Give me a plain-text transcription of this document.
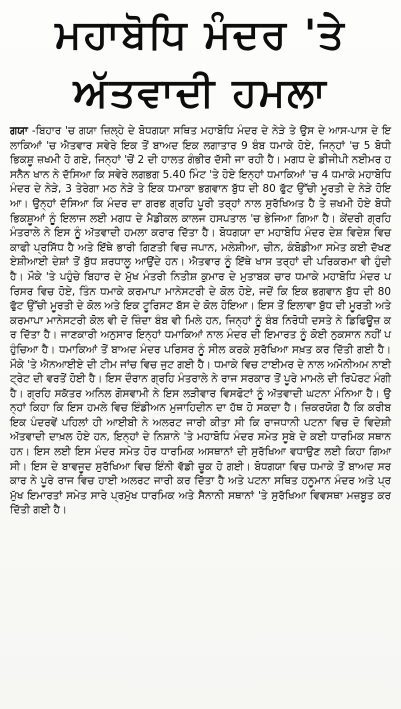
ਮਹਾਬੋਧਿ ਮੰਦਰ 'ਤੇ
ਅੱਤਵਾਦੀ ਹਮਲਾ

ਗਯਾ -ਬਿਹਾਰ 'ਚ ਗਯਾ ਜ਼ਿਲ੍ਹੇ ਦੇ ਬੋਧਗਯਾ ਸਥਿਤ ਮਹਾਬੋਧਿ ਮੰਦਰ ਦੇ ਨੇੜੇ ਤੇ ਉਸ ਦੇ ਆਸ-ਪਾਸ ਦੇ ਇਲਾਕਿਆਂ 'ਚ ਐਤਵਾਰ ਸਵੇਰੇ ਇਕ ਤੋਂ ਬਾਅਦ ਇਕ ਲਗਾਤਾਰ 9 ਬੰਬ ਧਮਾਕੇ ਹੋਏ, ਜਿਨ੍ਹਾਂ 'ਚ 5 ਬੋਧੀ ਭਿਕਸ਼ੂ ਜ਼ਖਮੀ ਹੋ ਗਏ, ਜਿਨ੍ਹਾਂ 'ਚੋਂ 2 ਦੀ ਹਾਲਤ ਗੰਭੀਰ ਦੱਸੀ ਜਾ ਰਹੀ ਹੈ। ਮਗਧ ਦੇ ਡੀਜੀਪੀ ਨਈਮਰ ਹਸਨੈਨ ਖਾਨ ਨੇ ਦੱਸਿਆ ਕਿ ਸਵੇਰੇ ਲਗਭਗ 5.40 ਮਿੰਟ 'ਤੇ ਹੋਏ ਇਨ੍ਹਾਂ ਧਮਾਕਿਆਂ 'ਚ 4 ਧਮਾਕੇ ਮਹਾਬੋਧਿ ਮੰਦਰ ਦੇ ਨੇੜੇ, 3 ਤੇਰੇਗਾ ਮਠ ਨੇੜੇ ਤੇ ਇਕ ਧਮਾਕਾ ਭਗਵਾਨ ਬੁੱਧ ਦੀ 80 ਫੁੱਟ ਉੱਚੀ ਮੂਰਤੀ ਦੇ ਨੇੜੇ ਹੋਇਆ। ਉਨ੍ਹਾਂ ਦੱਸਿਆ ਕਿ ਮੰਦਰ ਦਾ ਗਰਭ ਗ੍ਰਹਿ ਪੂਰੀ ਤਰ੍ਹਾਂ ਨਾਲ ਸੁਰੱਖਿਅਤ ਹੈ ਤੇ ਜ਼ਖਮੀ ਹੋਏ ਬੋਧੀ ਭਿਕਸ਼ੂਆਂ ਨੂੰ ਇਲਾਜ ਲਈ ਮਗਧ ਦੇ ਮੈਡੀਕਲ ਕਾਲਜ ਹਸਪਤਾਲ 'ਚ ਭੇਜਿਆ ਗਿਆ ਹੈ। ਕੇਂਦਰੀ ਗ੍ਰਹਿ ਮੰਤਰਾਲੇ ਨੇ ਇਸ ਨੂੰ ਅੱਤਵਾਦੀ ਹਮਲਾ ਕਰਾਰ ਦਿੱਤਾ ਹੈ। ਬੋਧਗਯਾ ਦਾ ਮਹਾਬੋਧਿ ਮੰਦਰ ਦੇਸ਼ ਵਿਦੇਸ਼ ਵਿਚ ਕਾਫੀ ਪ੍ਰਸਿੱਧ ਹੈ ਅਤੇ ਇੱਥੇ ਭਾਰੀ ਗਿਣਤੀ ਵਿਚ ਜਪਾਨ, ਮਲੇਸ਼ੀਆ, ਚੀਨ, ਕੰਬੋਡੀਆ ਸਮੇਤ ਕਈ ਦੱਖਣ ਏਸ਼ੀਆਈ ਦੇਸ਼ਾਂ ਤੋਂ ਬੁੱਧ ਸ਼ਰਧਾਲੂ ਆਉਂਦੇ ਹਨ। ਐਤਵਾਰ ਨੂੰ ਇੱਥੇ ਖਾਸ ਤਰ੍ਹਾਂ ਦੀ ਪਰਿਕਰਮਾ ਵੀ ਹੁੰਦੀ ਹੈ। ਮੌਕੇ 'ਤੇ ਪਹੁੰਚੇ ਬਿਹਾਰ ਦੇ ਮੁੱਖ ਮੰਤਰੀ ਨਿਤੀਸ਼ ਕੁਮਾਰ ਦੇ ਮੁਤਾਬਕ ਚਾਰ ਧਮਾਕੇ ਮਹਾਬੋਧਿ ਮੰਦਰ ਪਰਿਸਰ ਵਿਚ ਹੋਏ, ਤਿੰਨ ਧਮਾਕੇ ਕਰਮਾਪਾ ਮਾਨੇਸਟਰੀ ਦੇ ਕੋਲ ਹੋਏ, ਜਦੋਂ ਕਿ ਇਕ ਭਗਵਾਨ ਬੁੱਧ ਦੀ 80 ਫੁੱਟ ਉੱਚੀ ਮੂਰਤੀ ਦੇ ਕੋਲ ਅਤੇ ਇਕ ਟੂਰਿਸਟ ਬੱਸ ਦੇ ਕੋਲ ਹੋਇਆ। ਇਸ ਤੋਂ ਇਲਾਵਾ ਬੁੱਧ ਦੀ ਮੂਰਤੀ ਅਤੇ ਕਰਮਾਪਾ ਮਾਨੇਸਟਰੀ ਕੋਲ ਵੀ ਦੋ ਜ਼ਿੰਦਾ ਬੰਬ ਵੀ ਮਿਲੇ ਹਨ, ਜਿਨ੍ਹਾਂ ਨੂੰ ਬੰਬ ਨਿਰੋਧੀ ਦਸਤੇ ਨੇ ਡਿਫਿਊਜ਼ ਕਰ ਦਿੱਤਾ ਹੈ। ਜਾਣਕਾਰੀ ਅਨੁਸਾਰ ਇਨ੍ਹਾਂ ਧਮਾਕਿਆਂ ਨਾਲ ਮੰਦਰ ਦੀ ਇਮਾਰਤ ਨੂੰ ਕੋਈ ਨੁਕਸਾਨ ਨਹੀਂ ਪਹੁੰਚਿਆ ਹੈ। ਧਮਾਕਿਆਂ ਤੋਂ ਬਾਅਦ ਮੰਦਰ ਪਰਿਸਰ ਨੂੰ ਸੀਲ ਕਰਕੇ ਸੁਰੱਖਿਆ ਸਖ਼ਤ ਕਰ ਦਿੱਤੀ ਗਈ ਹੈ। ਮੌਕੇ 'ਤੇ ਐਨਆਈਏ ਦੀ ਟੀਮ ਜਾਂਚ ਵਿਚ ਜੁਟ ਗਈ ਹੈ। ਧਮਾਕੇ ਵਿਚ ਟਾਈਮਰ ਦੇ ਨਾਲ ਅਮੋਨੀਅਮ ਨਾਈਟ੍ਰੇਟ ਦੀ ਵਰਤੋਂ ਹੋਈ ਹੈ। ਇਸ ਦੌਰਾਨ ਗ੍ਰਹਿ ਮੰਤਰਾਲੇ ਨੇ ਰਾਜ ਸਰਕਾਰ ਤੋਂ ਪੂਰੇ ਮਾਮਲੇ ਦੀ ਰਿਪੋਰਟ ਮੰਗੀ ਹੈ। ਗ੍ਰਹਿ ਸਕੱਤਰ ਅਨਿਲ ਗੋਸਵਾਮੀ ਨੇ ਇਸ ਲੜੀਵਾਰ ਵਿਸਫੋਟਾਂ ਨੂੰ ਅੱਤਵਾਦੀ ਘਟਨਾ ਮੰਨਿਆ ਹੈ। ਉਨ੍ਹਾਂ ਕਿਹਾ ਕਿ ਇਸ ਹਮਲੇ ਵਿਚ ਇੰਡੀਅਨ ਮੁਜਾਹਿਦੀਨ ਦਾ ਹੱਥ ਹੋ ਸਕਦਾ ਹੈ। ਜ਼ਿਕਰਯੋਗ ਹੈ ਕਿ ਕਰੀਬ ਇਕ ਪੰਦਰਵੇਂ ਪਹਿਲਾਂ ਹੀ ਆਈਬੀ ਨੇ ਅਲਰਟ ਜਾਰੀ ਕੀਤਾ ਸੀ ਕਿ ਰਾਜਧਾਨੀ ਪਟਨਾ ਵਿਚ ਦੋ ਵਿਦੇਸ਼ੀ ਅੱਤਵਾਦੀ ਦਾਖ਼ਲ ਹੋਏ ਹਨ, ਇਨ੍ਹਾਂ ਦੇ ਨਿਸ਼ਾਨੇ 'ਤੇ ਮਹਾਬੋਧਿ ਮੰਦਰ ਸਮੇਤ ਸੂਬੇ ਦੇ ਕਈ ਧਾਰਮਿਕ ਸਥਾਨ ਹਨ। ਇਸ ਲਈ ਇਸ ਮੰਦਰ ਸਮੇਤ ਹੋਰ ਧਾਰਮਿਕ ਅਸਥਾਨਾਂ ਦੀ ਸੁਰੱਖਿਆ ਵਧਾਉਣ ਲਈ ਕਿਹਾ ਗਿਆ ਸੀ। ਇਸ ਦੇ ਬਾਵਜੂਦ ਸੁਰੱਖਿਆ ਵਿਚ ਇੰਨੀ ਵੱਡੀ ਚੂਕ ਹੋ ਗਈ। ਬੋਧਗਯਾ ਵਿਚ ਧਮਾਕੇ ਤੋਂ ਬਾਅਦ ਸਰਕਾਰ ਨੇ ਪੂਰੇ ਰਾਜ ਵਿਚ ਹਾਈ ਅਲਰਟ ਜਾਰੀ ਕਰ ਦਿੱਤਾ ਹੈ ਅਤੇ ਪਟਨਾ ਸਥਿਤ ਹਨੂਮਾਨ ਮੰਦਰ ਅਤੇ ਪ੍ਰਮੁੱਖ ਇਮਾਰਤਾਂ ਸਮੇਤ ਸਾਰੇ ਪ੍ਰਮੁੱਖ ਧਾਰਮਿਕ ਅਤੇ ਸੈਨਾਨੀ ਸਥਾਨਾਂ 'ਤੇ ਸੁਰੱਖਿਆ ਵਿਵਸਥਾ ਮਜ਼ਬੂਤ ਕਰ ਦਿੱਤੀ ਗਈ ਹੈ।
